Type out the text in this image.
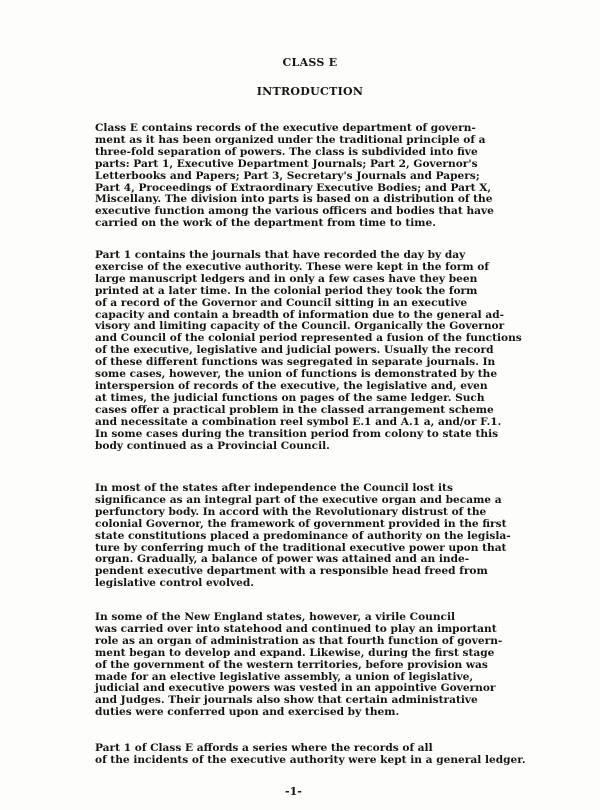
CLASS E
INTRODUCTION

Class E contains records of the executive department of govern-
ment as it has been organized under the traditional principle of a
three-fold separation of powers. The class is subdivided into five
parts: Part 1, Executive Department Journals; Part 2, Governor's
Letterbooks and Papers; Part 3, Secretary's Journals and Papers;
Part 4, Proceedings of Extraordinary Executive Bodies; and Part X,
Miscellany. The division into parts is based on a distribution of the
executive function among the various officers and bodies that have
carried on the work of the department from time to time.

Part 1 contains the journals that have recorded the day by day
exercise of the executive authority. These were kept in the form of
large manuscript ledgers and in only a few cases have they been
printed at a later time. In the colonial period they took the form
of a record of the Governor and Council sitting in an executive
capacity and contain a breadth of information due to the general ad-
visory and limiting capacity of the Council. Organically the Governor
and Council of the colonial period represented a fusion of the functions
of the executive, legislative and judicial powers. Usually the record
of these different functions was segregated in separate journals. In
some cases, however, the union of functions is demonstrated by the
interspersion of records of the executive, the legislative and, even
at times, the judicial functions on pages of the same ledger. Such
cases offer a practical problem in the classed arrangement scheme
and necessitate a combination reel symbol E.1 and A.1 a, and/or F.1.
In some cases during the transition period from colony to state this
body continued as a Provincial Council.

In most of the states after independence the Council lost its
significance as an integral part of the executive organ and became a
perfunctory body. In accord with the Revolutionary distrust of the
colonial Governor, the framework of government provided in the first
state constitutions placed a predominance of authority on the legisla-
ture by conferring much of the traditional executive power upon that
organ. Gradually, a balance of power was attained and an inde-
pendent executive department with a responsible head freed from
legislative control evolved.

In some of the New England states, however, a virile Council
was carried over into statehood and continued to play an important
role as an organ of administration as that fourth function of govern-
ment began to develop and expand. Likewise, during the first stage
of the government of the western territories, before provision was
made for an elective legislative assembly, a union of legislative,
judicial and executive powers was vested in an appointive Governor
and Judges. Their journals also show that certain administrative
duties were conferred upon and exercised by them.

Part 1 of Class E affords a series where the records of all
of the incidents of the executive authority were kept in a general ledger.

-1-
